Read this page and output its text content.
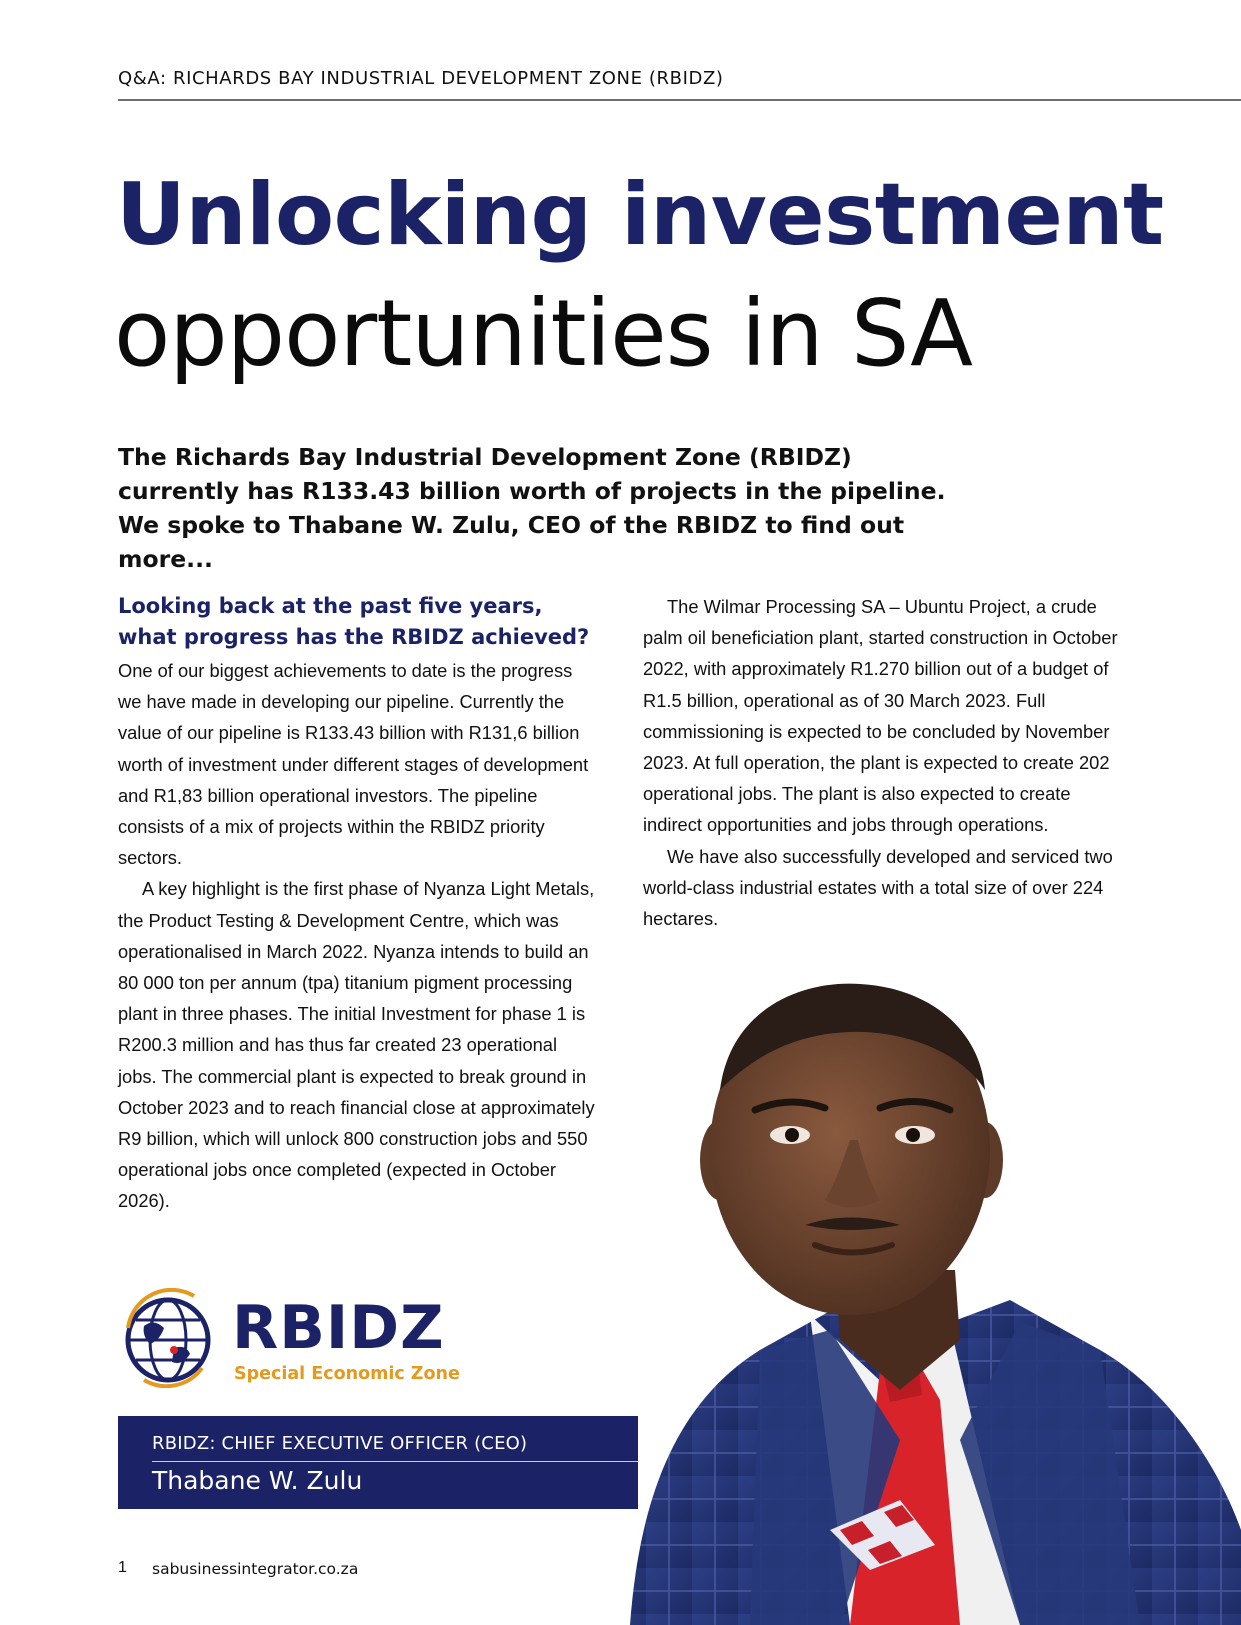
Q&A: RICHARDS BAY INDUSTRIAL DEVELOPMENT ZONE (RBIDZ)
Unlocking investment
opportunities in SA
The Richards Bay Industrial Development Zone (RBIDZ) currently has R133.43 billion worth of projects in the pipeline. We spoke to Thabane W. Zulu, CEO of the RBIDZ to find out more...
Looking back at the past five years, what progress has the RBIDZ achieved?

One of our biggest achievements to date is the progress we have made in developing our pipeline. Currently the value of our pipeline is R133.43 billion with R131,6 billion worth of investment under different stages of development and R1,83 billion operational investors. The pipeline consists of a mix of projects within the RBIDZ priority sectors.

A key highlight is the first phase of Nyanza Light Metals, the Product Testing & Development Centre, which was operationalised in March 2022. Nyanza intends to build an 80 000 ton per annum (tpa) titanium pigment processing plant in three phases. The initial Investment for phase 1 is R200.3 million and has thus far created 23 operational jobs. The commercial plant is expected to break ground in October 2023 and to reach financial close at approximately R9 billion, which will unlock 800 construction jobs and 550 operational jobs once completed (expected in October 2026).

The Wilmar Processing SA – Ubuntu Project, a crude palm oil beneficiation plant, started construction in October 2022, with approximately R1.270 billion out of a budget of R1.5 billion, operational as of 30 March 2023. Full commissioning is expected to be concluded by November 2023. At full operation, the plant is expected to create 202 operational jobs. The plant is also expected to create indirect opportunities and jobs through operations.

We have also successfully developed and serviced two world-class industrial estates with a total size of over 224 hectares.

RBIDZ
Special Economic Zone
RBIDZ: CHIEF EXECUTIVE OFFICER (CEO)
Thabane W. Zulu
1 sabusinessintegrator.co.za
